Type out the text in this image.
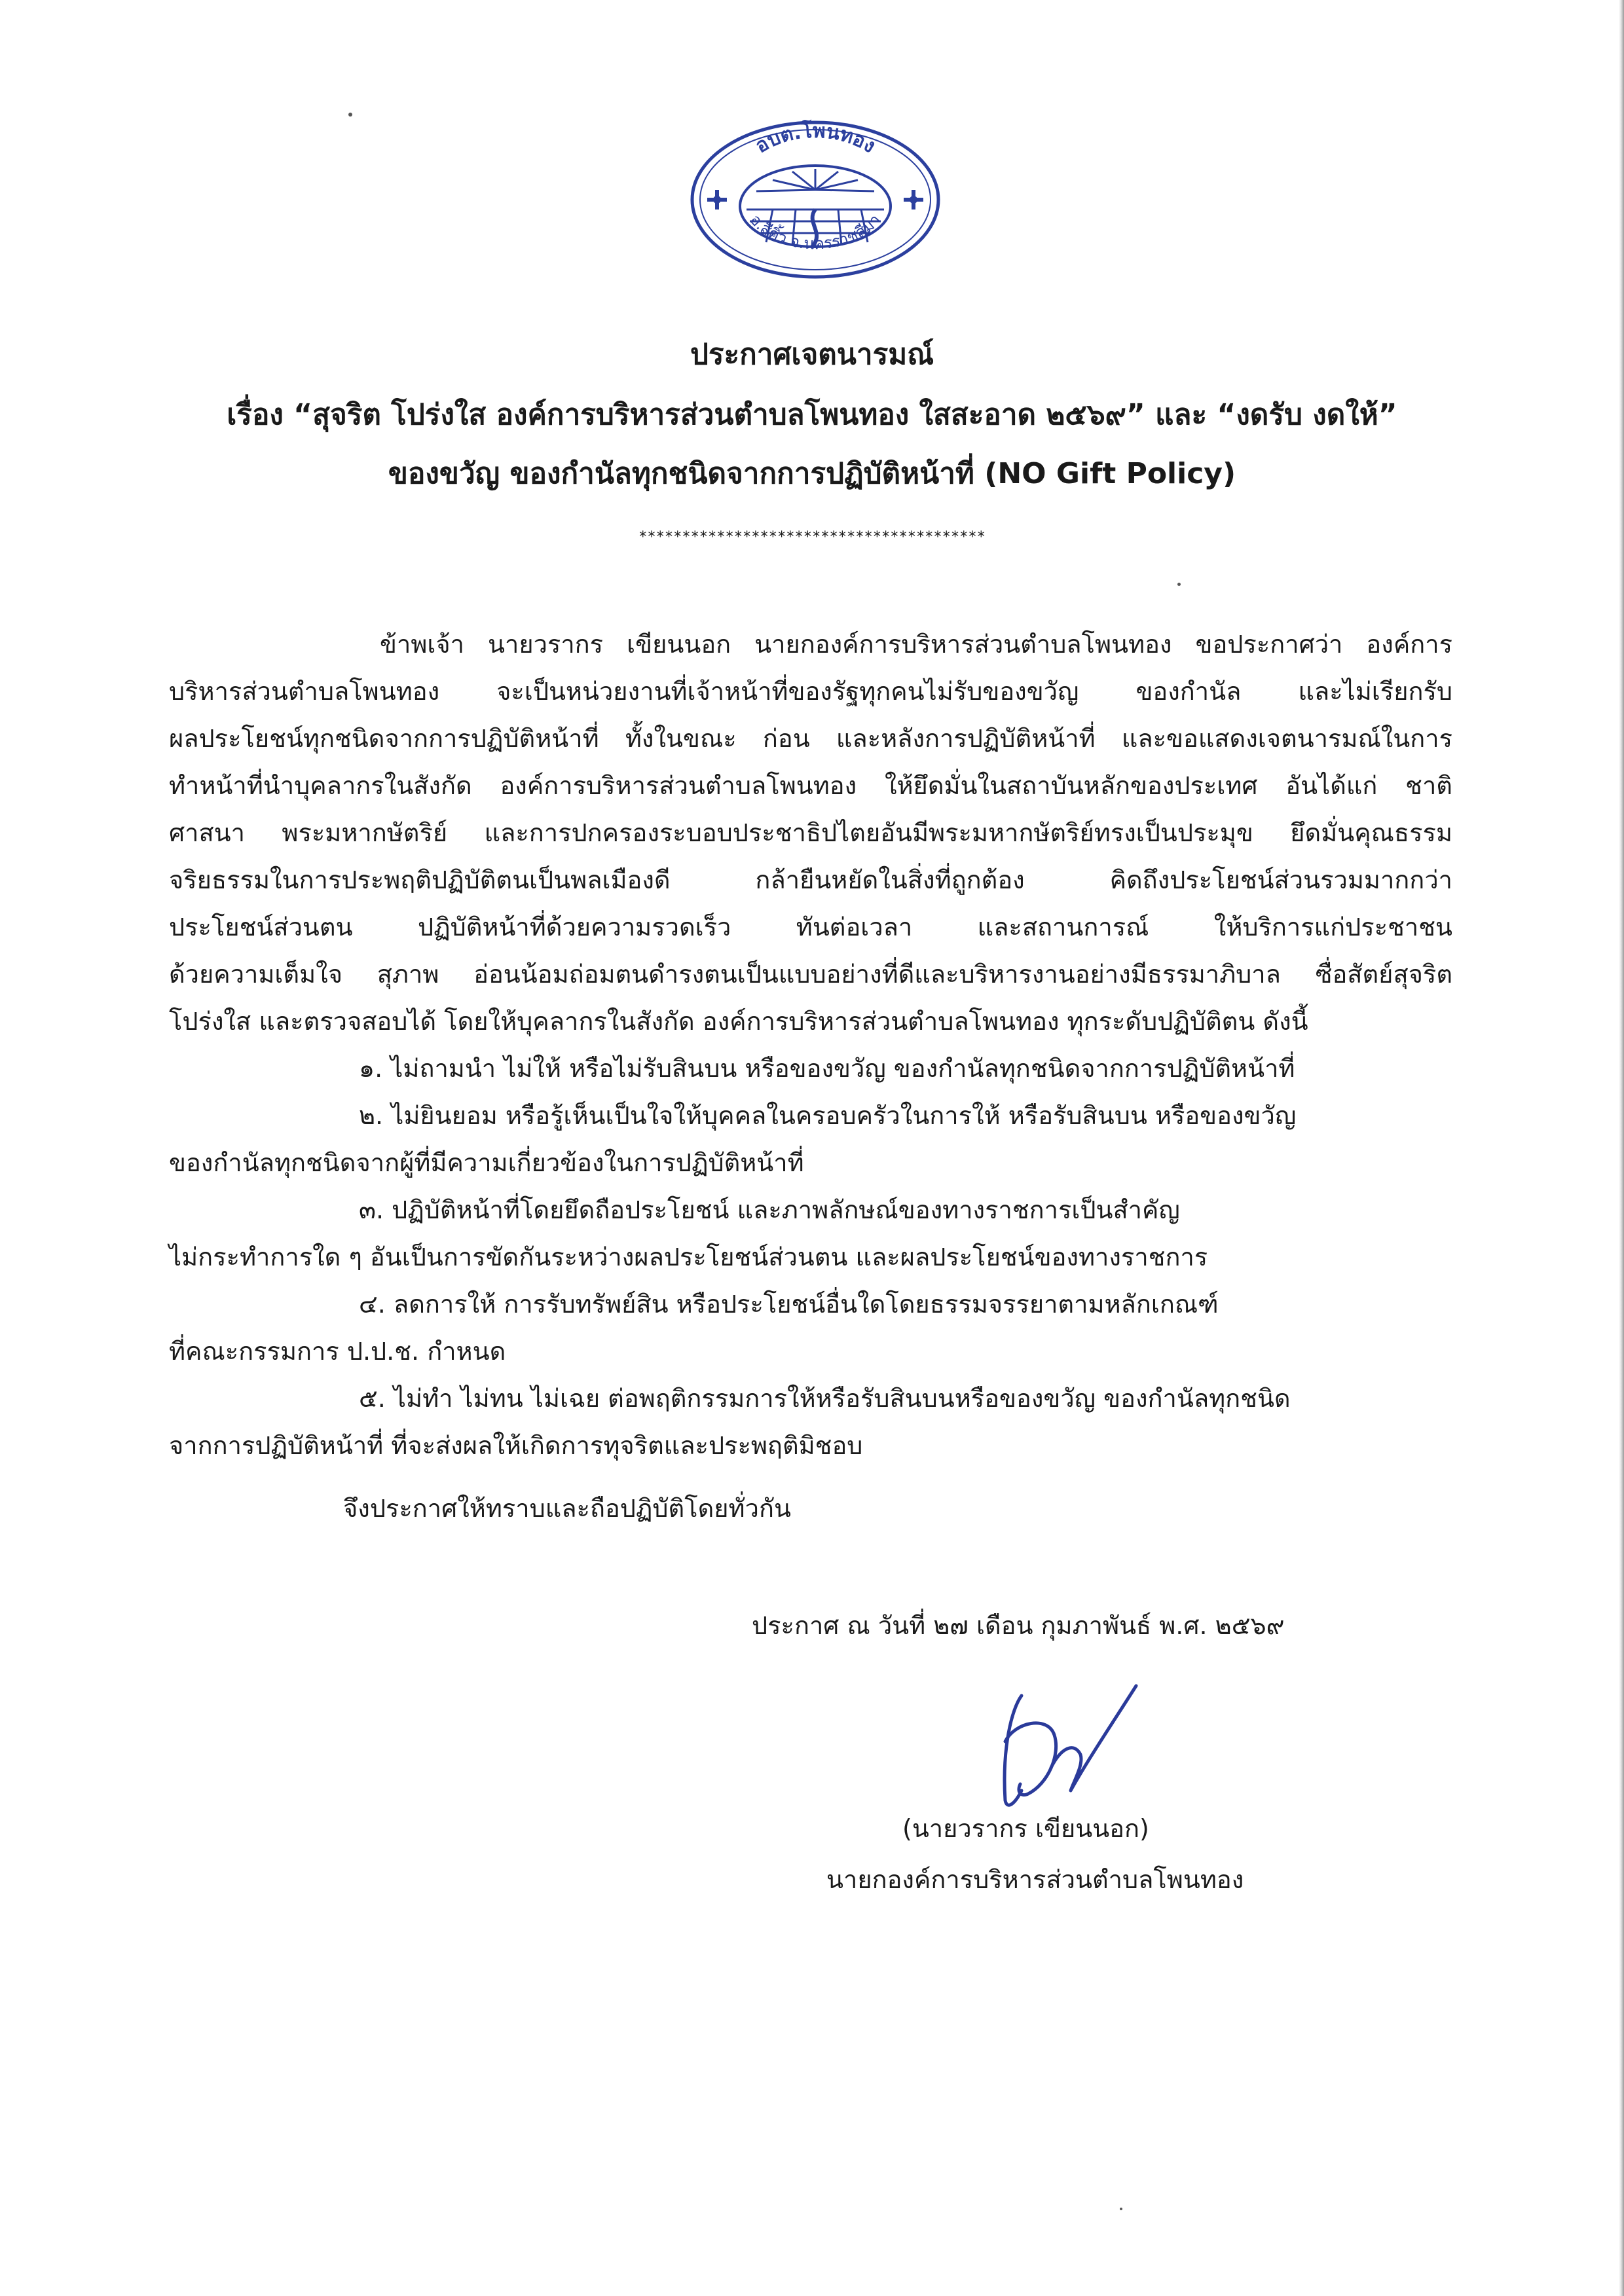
อบต.โพนทอง
อ.สีคิ้ว จ.นครราชสีมา
ประกาศเจตนารมณ์
เรื่อง “สุจริต โปร่งใส องค์การบริหารส่วนตำบลโพนทอง ใสสะอาด ๒๕๖๙” และ “งดรับ งดให้”
ของขวัญ ของกำนัลทุกชนิดจากการปฏิบัติหน้าที่ (NO Gift Policy)
****************************************

ข้าพเจ้า นายวรากร เขียนนอก นายกองค์การบริหารส่วนตำบลโพนทอง ขอประกาศว่า องค์การ
บริหารส่วนตำบลโพนทอง จะเป็นหน่วยงานที่เจ้าหน้าที่ของรัฐทุกคนไม่รับของขวัญ ของกำนัล และไม่เรียกรับ
ผลประโยชน์ทุกชนิดจากการปฏิบัติหน้าที่ ทั้งในขณะ ก่อน และหลังการปฏิบัติหน้าที่ และขอแสดงเจตนารมณ์ในการ
ทำหน้าที่นำบุคลากรในสังกัด องค์การบริหารส่วนตำบลโพนทอง ให้ยึดมั่นในสถาบันหลักของประเทศ อันได้แก่ ชาติ
ศาสนา พระมหากษัตริย์ และการปกครองระบอบประชาธิปไตยอันมีพระมหากษัตริย์ทรงเป็นประมุข ยึดมั่นคุณธรรม
จริยธรรมในการประพฤติปฏิบัติตนเป็นพลเมืองดี กล้ายืนหยัดในสิ่งที่ถูกต้อง คิดถึงประโยชน์ส่วนรวมมากกว่า
ประโยชน์ส่วนตน ปฏิบัติหน้าที่ด้วยความรวดเร็ว ทันต่อเวลา และสถานการณ์ ให้บริการแก่ประชาชน
ด้วยความเต็มใจ สุภาพ อ่อนน้อมถ่อมตนดำรงตนเป็นแบบอย่างที่ดีและบริหารงานอย่างมีธรรมาภิบาล ซื่อสัตย์สุจริต
โปร่งใส และตรวจสอบได้ โดยให้บุคลากรในสังกัด องค์การบริหารส่วนตำบลโพนทอง ทุกระดับปฏิบัติตน ดังนี้

๑. ไม่ถามนำ ไม่ให้ หรือไม่รับสินบน หรือของขวัญ ของกำนัลทุกชนิดจากการปฏิบัติหน้าที่
๒. ไม่ยินยอม หรือรู้เห็นเป็นใจให้บุคคลในครอบครัวในการให้ หรือรับสินบน หรือของขวัญ
ของกำนัลทุกชนิดจากผู้ที่มีความเกี่ยวข้องในการปฏิบัติหน้าที่
๓. ปฏิบัติหน้าที่โดยยึดถือประโยชน์ และภาพลักษณ์ของทางราชการเป็นสำคัญ
ไม่กระทำการใด ๆ อันเป็นการขัดกันระหว่างผลประโยชน์ส่วนตน และผลประโยชน์ของทางราชการ
๔. ลดการให้ การรับทรัพย์สิน หรือประโยชน์อื่นใดโดยธรรมจรรยาตามหลักเกณฑ์
ที่คณะกรรมการ ป.ป.ช. กำหนด
๕. ไม่ทำ ไม่ทน ไม่เฉย ต่อพฤติกรรมการให้หรือรับสินบนหรือของขวัญ ของกำนัลทุกชนิด
จากการปฏิบัติหน้าที่ ที่จะส่งผลให้เกิดการทุจริตและประพฤติมิชอบ

จึงประกาศให้ทราบและถือปฏิบัติโดยทั่วกัน

ประกาศ ณ วันที่ ๒๗ เดือน กุมภาพันธ์ พ.ศ. ๒๕๖๙
(นายวรากร เขียนนอก)
นายกองค์การบริหารส่วนตำบลโพนทอง
